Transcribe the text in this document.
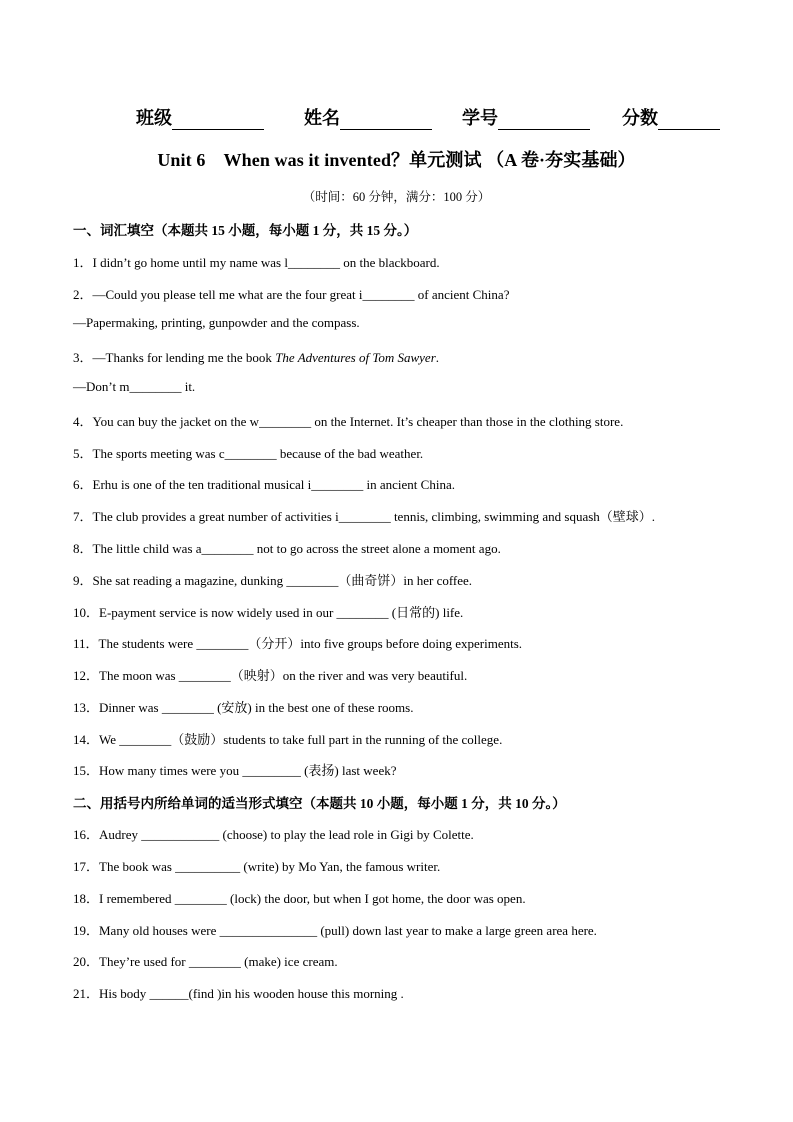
班级	姓名	学号	分数
Unit 6　When was it invented？单元测试 （A 卷·夯实基础）
（时间：60 分钟，满分：100 分）
一、词汇填空（本题共 15 小题，每小题 1 分，共 15 分。）
1．I didn’t go home until my name was l________ on the blackboard.
2．—Could you please tell me what are the four great i________ of ancient China?
—Papermaking, printing, gunpowder and the compass.
3．—Thanks for lending me the book The Adventures of Tom Sawyer.
—Don’t m________ it.
4．You can buy the jacket on the w________ on the Internet. It’s cheaper than those in the clothing store.
5．The sports meeting was c________ because of the bad weather.
6．Erhu is one of the ten traditional musical i________ in ancient China.
7．The club provides a great number of activities i________ tennis, climbing, swimming and squash（壁球）.
8．The little child was a________ not to go across the street alone a moment ago.
9．She sat reading a magazine, dunking ________（曲奇饼）in her coffee.
10．E-payment service is now widely used in our ________ (日常的) life.
11．The students were ________（分开）into five groups before doing experiments.
12．The moon was ________（映射）on the river and was very beautiful.
13．Dinner was ________ (安放) in the best one of these rooms.
14．We ________（鼓励）students to take full part in the running of the college.
15．How many times were you _________ (表扬) last week?
二、用括号内所给单词的适当形式填空（本题共 10 小题，每小题 1 分，共 10 分。）
16．Audrey ____________ (choose) to play the lead role in Gigi by Colette.
17．The book was __________ (write) by Mo Yan, the famous writer.
18．I remembered ________ (lock) the door, but when I got home, the door was open.
19．Many old houses were _______________ (pull) down last year to make a large green area here.
20．They’re used for ________ (make) ice cream.
21．His body ______(find )in his wooden house this morning .
